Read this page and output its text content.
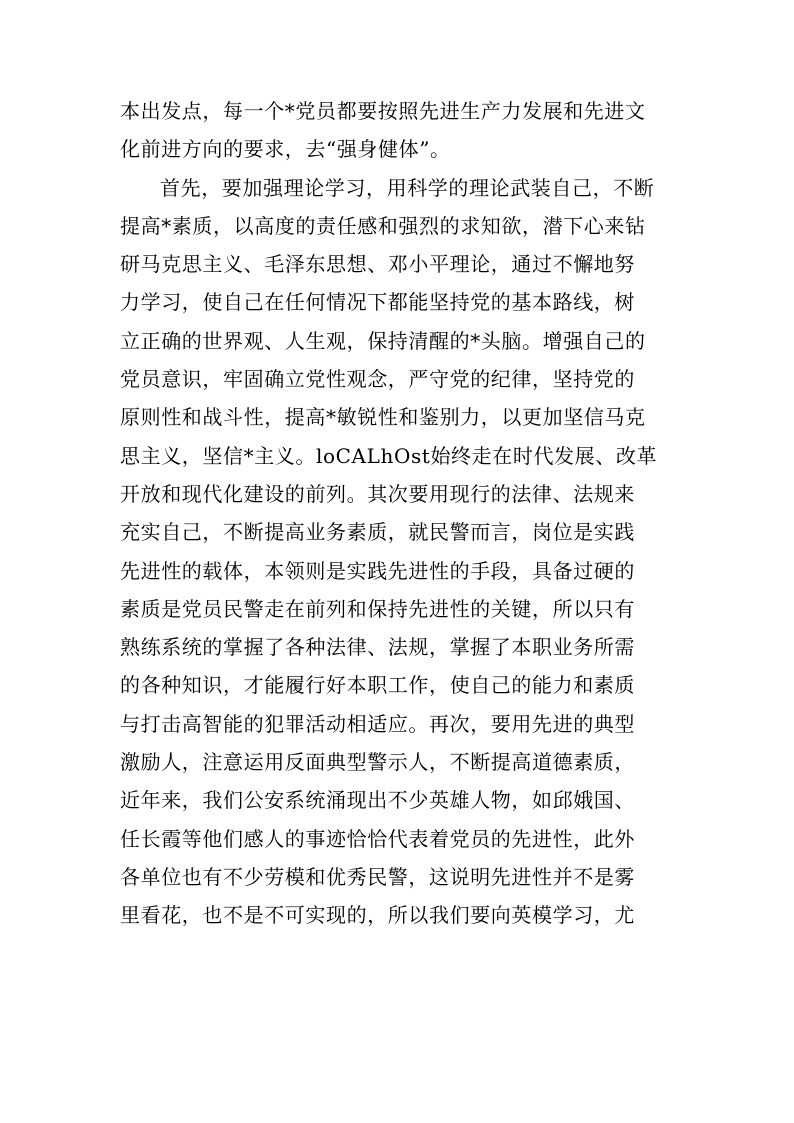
本出发点，每一个*党员都要按照先进生产力发展和先进文
化前进方向的要求，去“强身健体”。
首先，要加强理论学习，用科学的理论武装自己，不断
提高*素质，以高度的责任感和强烈的求知欲，潜下心来钻
研马克思主义、毛泽东思想、邓小平理论，通过不懈地努
力学习，使自己在任何情况下都能坚持党的基本路线，树
立正确的世界观、人生观，保持清醒的*头脑。增强自己的
党员意识，牢固确立党性观念，严守党的纪律，坚持党的
原则性和战斗性，提高*敏锐性和鉴别力，以更加坚信马克
思主义，坚信*主义。loCALhOst始终走在时代发展、改革
开放和现代化建设的前列。其次要用现行的法律、法规来
充实自己，不断提高业务素质，就民警而言，岗位是实践
先进性的载体，本领则是实践先进性的手段，具备过硬的
素质是党员民警走在前列和保持先进性的关键，所以只有
熟练系统的掌握了各种法律、法规，掌握了本职业务所需
的各种知识，才能履行好本职工作，使自己的能力和素质
与打击高智能的犯罪活动相适应。再次，要用先进的典型
激励人，注意运用反面典型警示人，不断提高道德素质，
近年来，我们公安系统涌现出不少英雄人物，如邱娥国、
任长霞等他们感人的事迹恰恰代表着党员的先进性，此外
各单位也有不少劳模和优秀民警，这说明先进性并不是雾
里看花，也不是不可实现的，所以我们要向英模学习，尤
